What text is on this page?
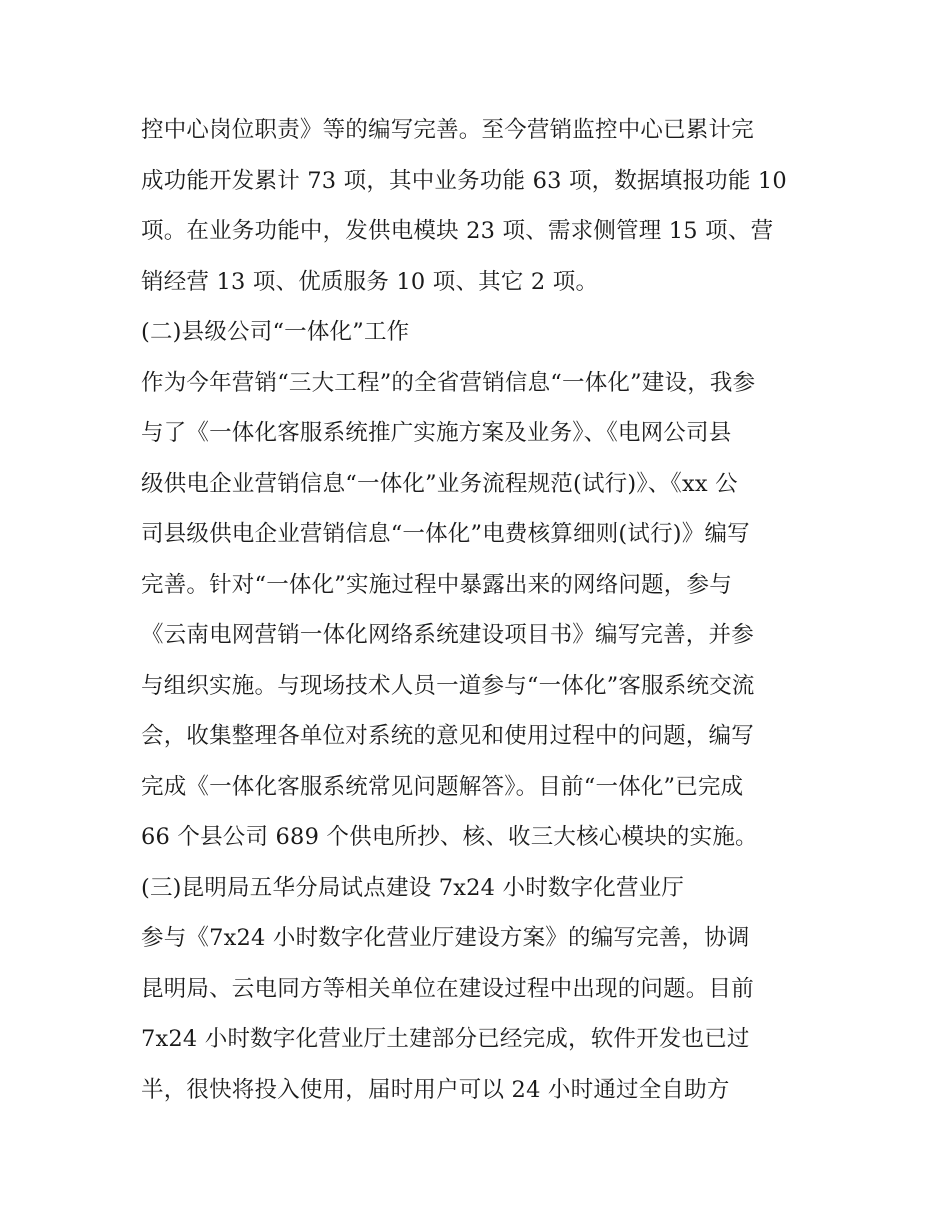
控中心岗位职责》等的编写完善。至今营销监控中心已累计完
成功能开发累计 73 项，其中业务功能 63 项，数据填报功能 10
项。在业务功能中，发供电模块 23 项、需求侧管理 15 项、营
销经营 13 项、优质服务 10 项、其它 2 项。
(二)县级公司“一体化”工作
作为今年营销“三大工程”的全省营销信息“一体化”建设，我参
与了《一体化客服系统推广实施方案及业务》、《电网公司县
级供电企业营销信息“一体化”业务流程规范(试行)》、《xx 公
司县级供电企业营销信息“一体化”电费核算细则(试行)》编写
完善。针对“一体化”实施过程中暴露出来的网络问题，参与
《云南电网营销一体化网络系统建设项目书》编写完善，并参
与组织实施。与现场技术人员一道参与“一体化”客服系统交流
会，收集整理各单位对系统的意见和使用过程中的问题，编写
完成《一体化客服系统常见问题解答》。目前“一体化”已完成
66 个县公司 689 个供电所抄、核、收三大核心模块的实施。
(三)昆明局五华分局试点建设 7x24 小时数字化营业厅
参与《7x24 小时数字化营业厅建设方案》的编写完善，协调
昆明局、云电同方等相关单位在建设过程中出现的问题。目前
7x24 小时数字化营业厅土建部分已经完成，软件开发也已过
半，很快将投入使用，届时用户可以 24 小时通过全自助方
